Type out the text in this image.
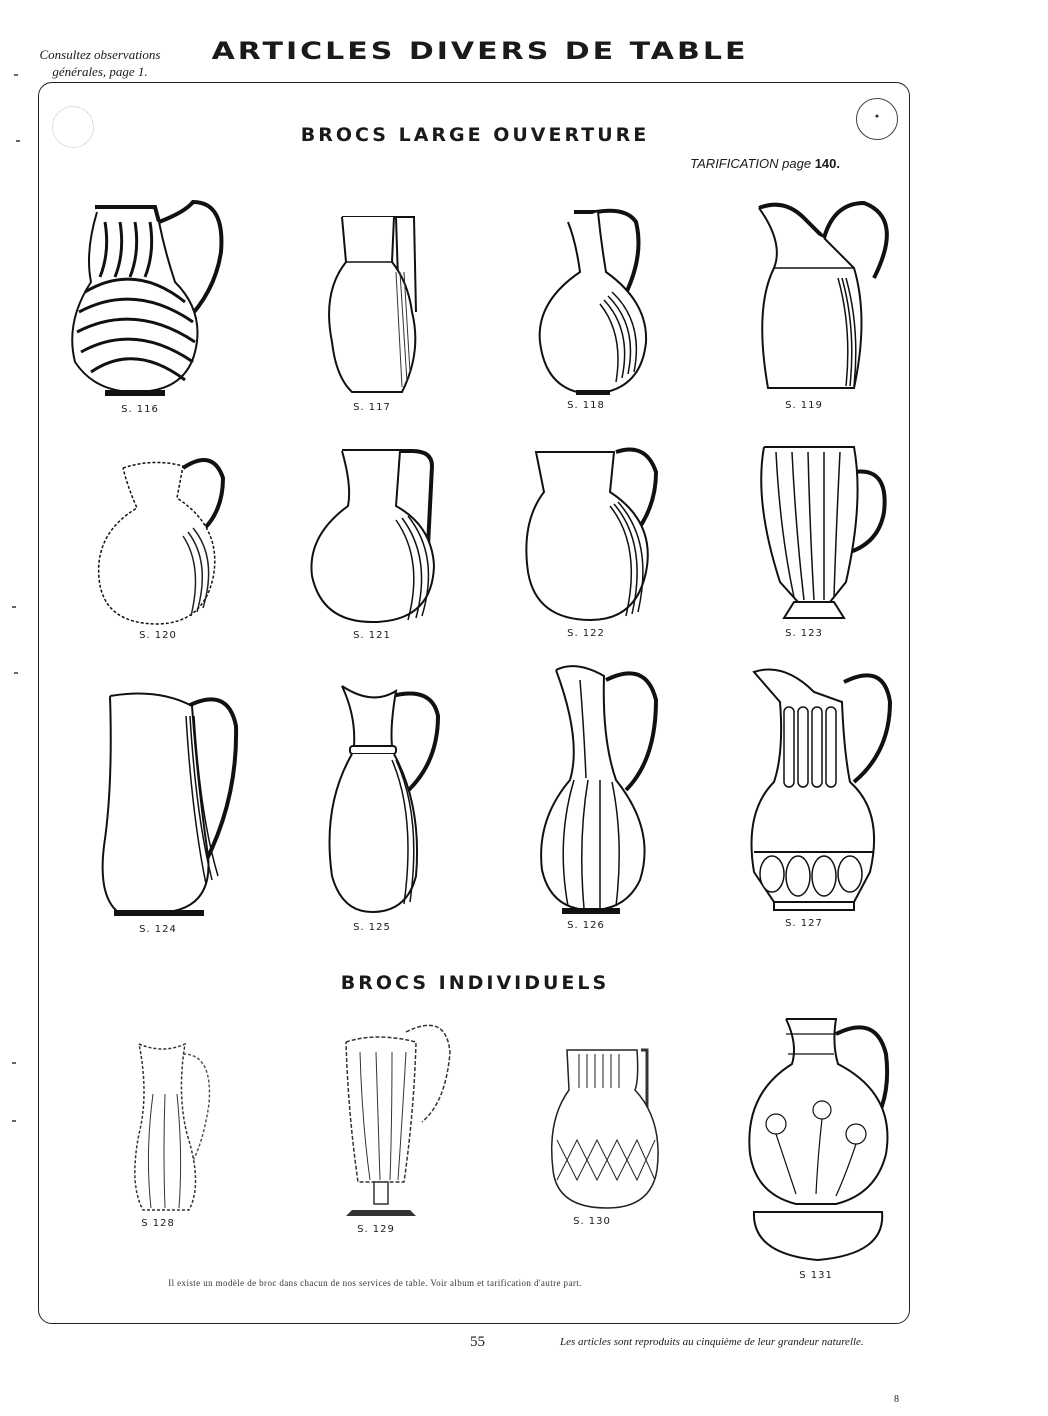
Consultez observations
générales, page 1.
ARTICLES DIVERS DE TABLE
✦
BROCS LARGE OUVERTURE
TARIFICATION page 140.
S. 116	S. 117	S. 118	S. 119
S. 120	S. 121	S. 122	S. 123
S. 124	S. 125	S. 126	S. 127
BROCS INDIVIDUELS
S 128
S. 129
S. 130
S 131
Il existe un modèle de broc dans chacun de nos services de table. Voir album et tarification d'autre part.
55	Les articles sont reproduits au cinquième de leur grandeur naturelle.
8
